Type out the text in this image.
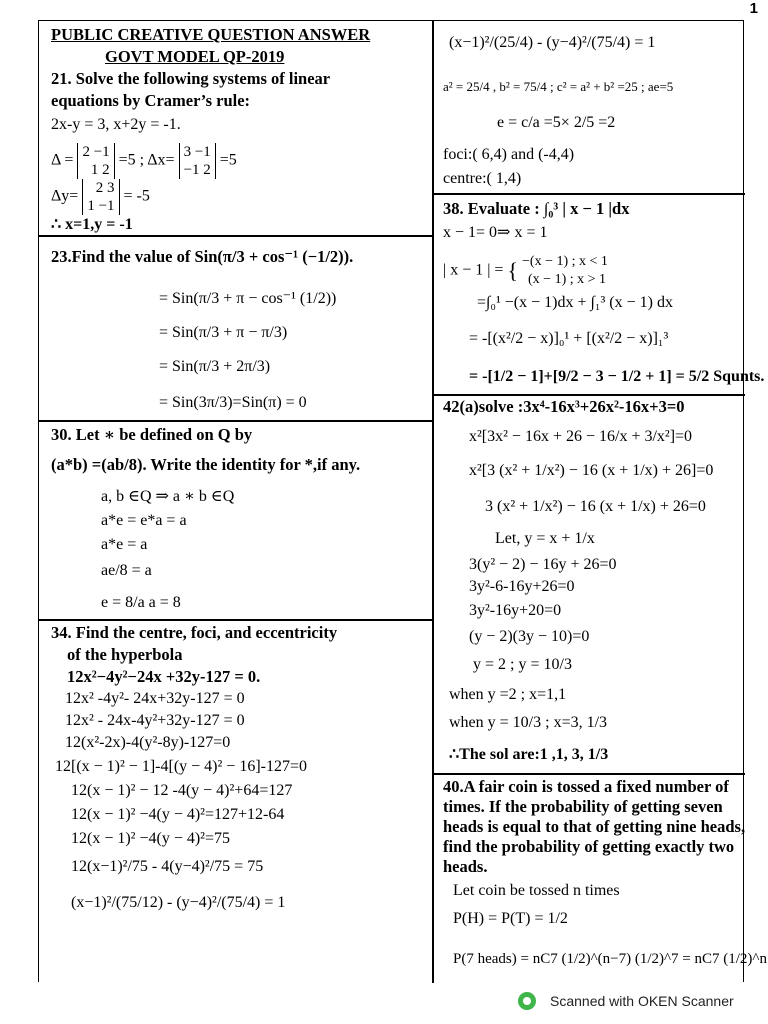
1
PUBLIC CREATIVE QUESTION ANSWER
GOVT MODEL QP-2019
21. Solve the following systems of linear
equations by Cramer’s rule:
2x-y = 3, x+2y = -1.
Δ = 2 −1
1 2
=5 ; Δx= 3 −1
−1 2
=5
Δy=	2 3
1 −1
= -5
∴ x=1,y = -1
23.Find the value of Sin(π/3 + cos⁻¹ (−1/2)).
= Sin(π/3 + π − cos⁻¹ (1/2))
= Sin(π/3 + π − π/3)
= Sin(π/3 + 2π/3)
= Sin(3π/3)=Sin(π) = 0
30. Let ∗ be defined on Q by
(a*b) =(ab/8). Write the identity for *,if any.
a, b ∈Q ⇒ a ∗ b ∈Q
a*e = e*a = a
a*e = a
ae/8 = a
e = 8/a a = 8
34. Find the centre, foci, and eccentricity
of the hyperbola
12x²−4y²−24x +32y-127 = 0.
12x² -4y²- 24x+32y-127 = 0
12x² - 24x-4y²+32y-127 = 0
12(x²-2x)-4(y²-8y)-127=0
12[(x − 1)² − 1]-4[(y − 4)² − 16]-127=0
12(x − 1)² − 12 -4(y − 4)²+64=127
12(x − 1)² −4(y − 4)²=127+12-64
12(x − 1)² −4(y − 4)²=75
12(x−1)²/75 - 4(y−4)²/75 = 75
(x−1)²/(75/12) - (y−4)²/(75/4) = 1
(x−1)²/(25/4) - (y−4)²/(75/4) = 1
a² = 25/4 , b² = 75/4 ; c² = a² + b² =25 ; ae=5
e = c/a =5× 2/5 =2
foci:( 6,4) and (-4,4)
centre:( 1,4)
38. Evaluate : ∫₀³ | x − 1 |dx
x − 1= 0⇒ x = 1
| x − 1 | = { −(x − 1) ; x < 1
(x − 1) ; x > 1
=∫₀¹ −(x − 1)dx + ∫₁³ (x − 1) dx
= -[(x²/2 − x)]₀¹ + [(x²/2 − x)]₁³
= -[1/2 − 1]+[9/2 − 3 − 1/2 + 1] = 5/2 Squnts.
42(a)solve :3x⁴-16x³+26x²-16x+3=0
x²[3x² − 16x + 26 − 16/x + 3/x²]=0
x²[3 (x² + 1/x²) − 16 (x + 1/x) + 26]=0
3 (x² + 1/x²) − 16 (x + 1/x) + 26=0
Let, y = x + 1/x
3(y² − 2) − 16y + 26=0
3y²-6-16y+26=0
3y²-16y+20=0
(y − 2)(3y − 10)=0
y = 2 ; y = 10/3
when y =2 ; x=1,1
when y = 10/3 ; x=3, 1/3
∴The sol are:1 ,1, 3, 1/3
40.A fair coin is tossed a fixed number of
times. If the probability of getting seven
heads is equal to that of getting nine heads,
find the probability of getting exactly two
heads.
Let coin be tossed n times
P(H) = P(T) = 1/2
P(7 heads) = nC7 (1/2)^(n−7) (1/2)^7 = nC7 (1/2)^n
Scanned with OKEN Scanner
